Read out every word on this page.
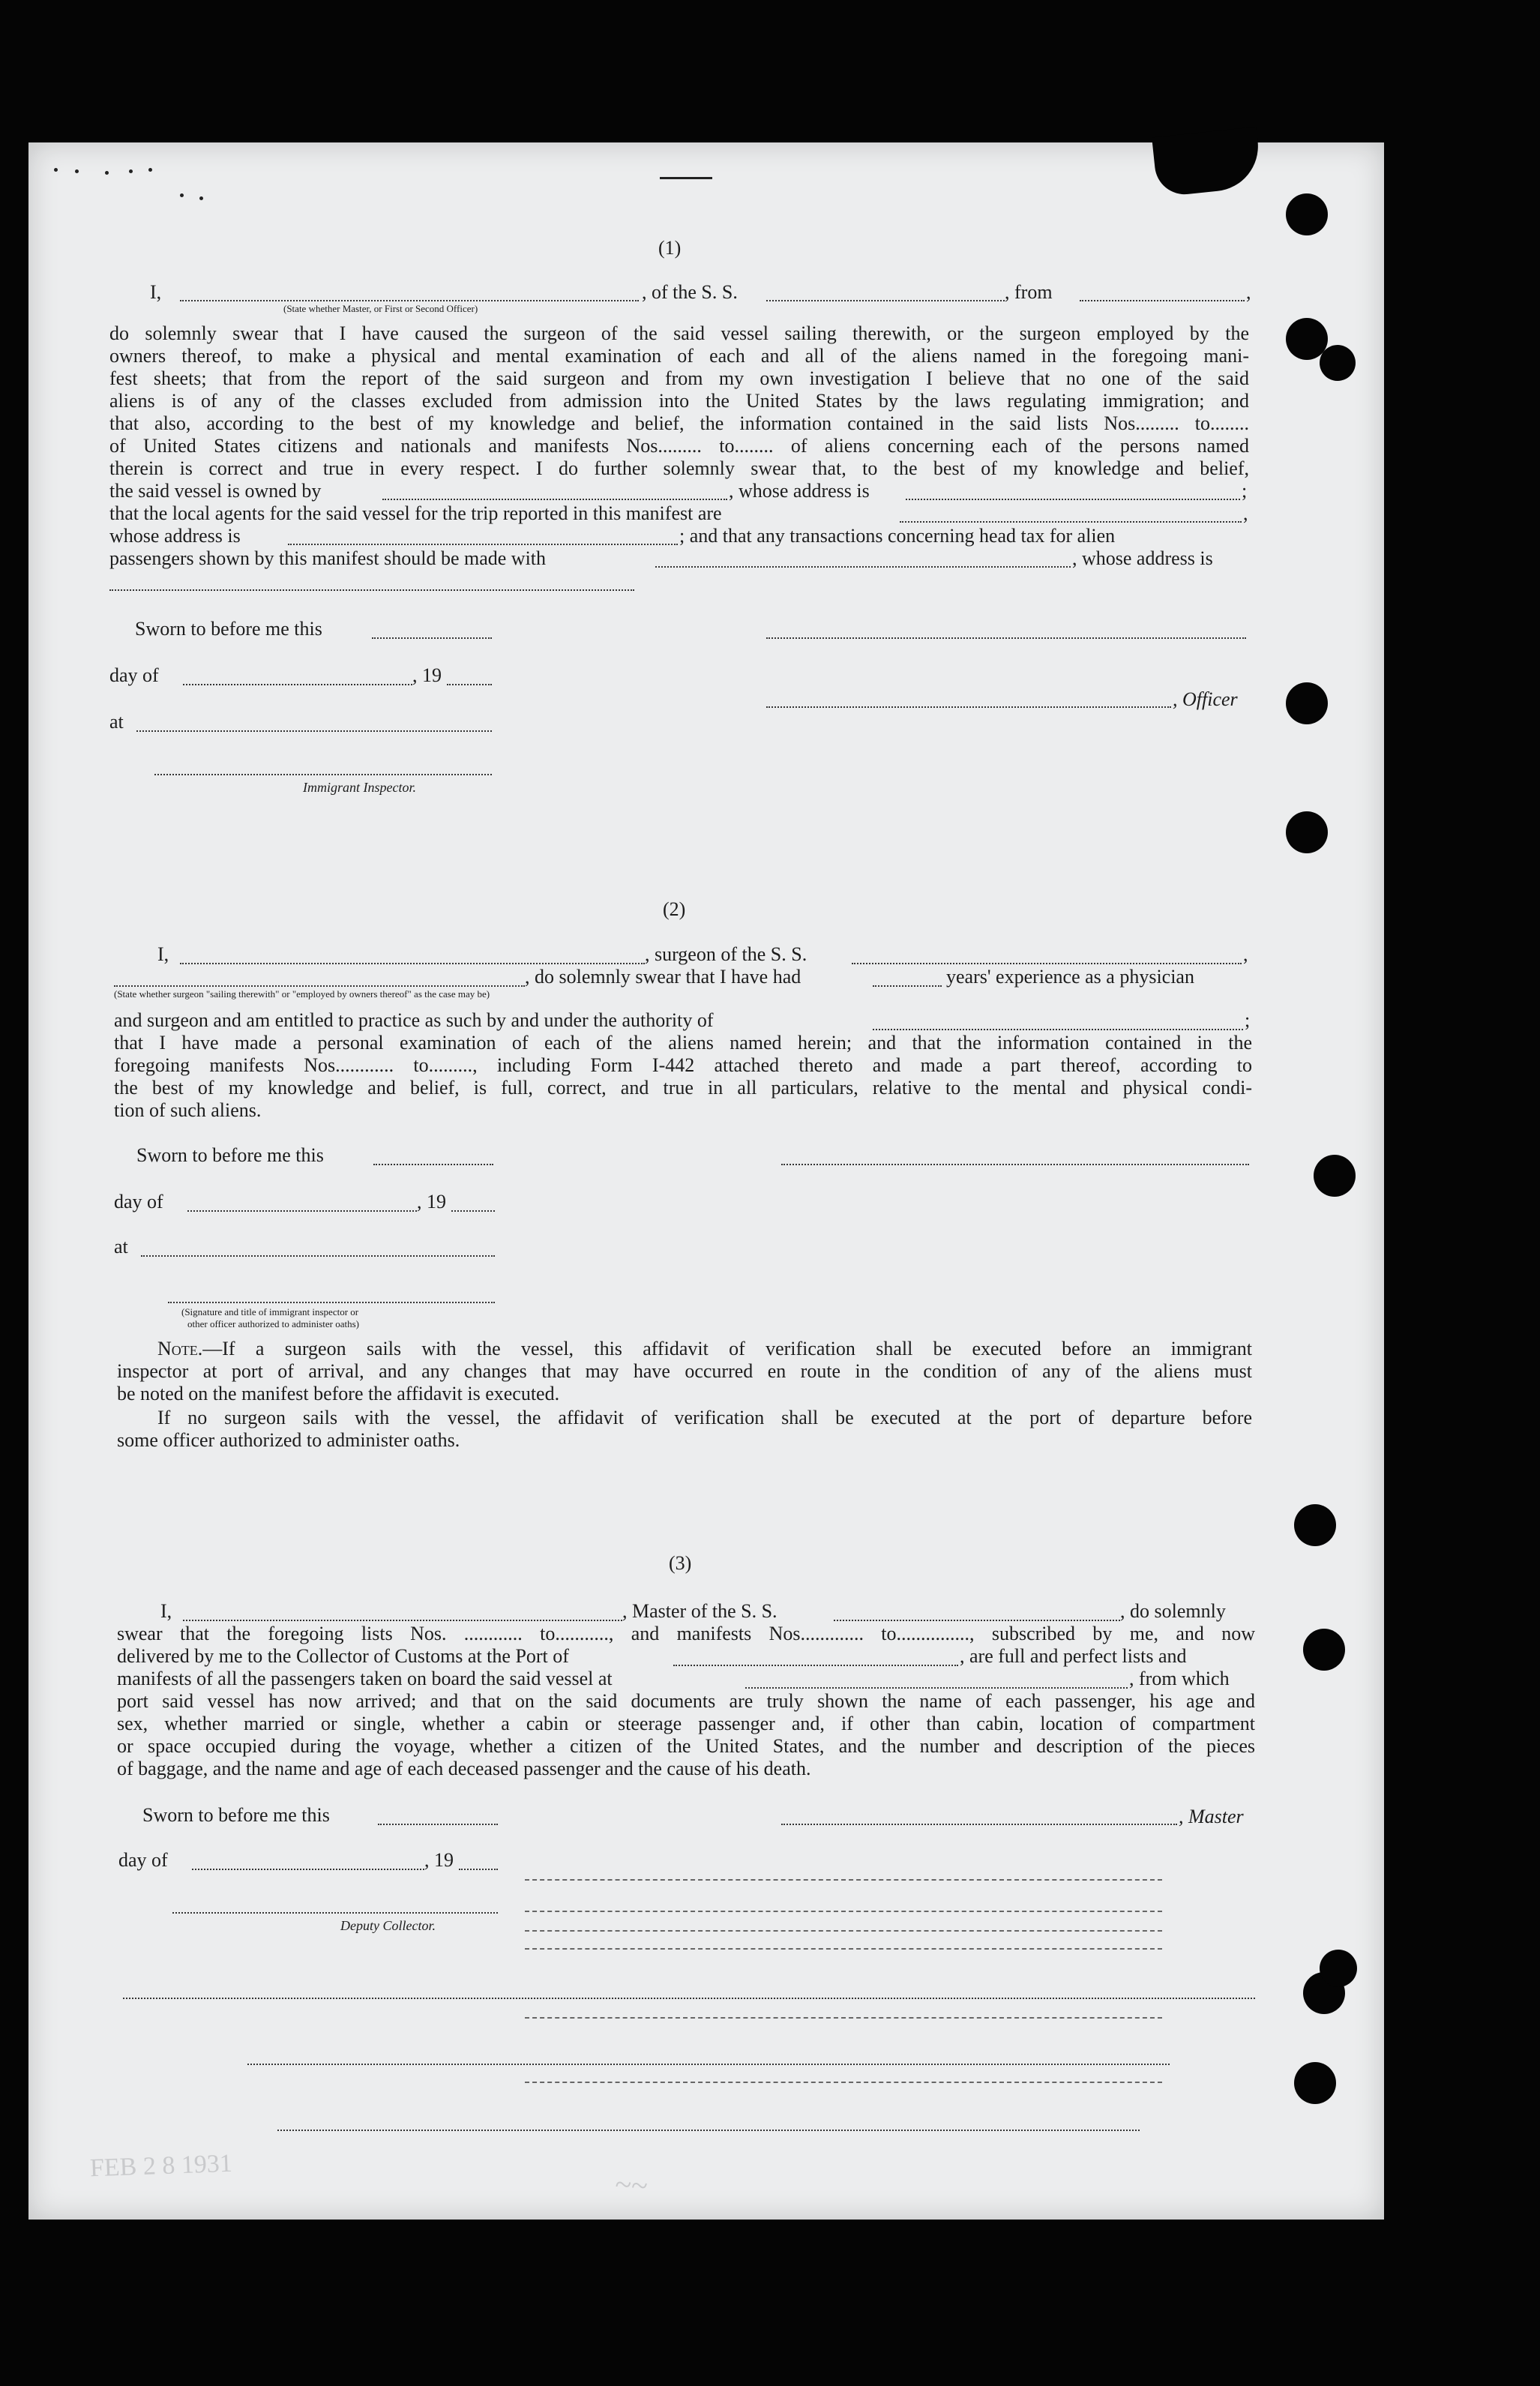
(1)
I,	, of the S. S.	, from	,
(State whether Master, or First or Second Officer)
do solemnly swear that I have caused the surgeon of the said vessel sailing therewith, or the surgeon employed by the
owners thereof, to make a physical and mental examination of each and all of the aliens named in the foregoing mani-
fest sheets; that from the report of the said surgeon and from my own investigation I believe that no one of the said
aliens is of any of the classes excluded from admission into the United States by the laws regulating immigration; and
that also, according to the best of my knowledge and belief, the information contained in the said lists Nos......... to........
of United States citizens and nationals and manifests Nos......... to........ of aliens concerning each of the persons named
therein is correct and true in every respect. I do further solemnly swear that, to the best of my knowledge and belief,
the said vessel is owned by	, whose address is	;
that the local agents for the said vessel for the trip reported in this manifest are	,
whose address is	; and that any transactions concerning head tax for alien
passengers shown by this manifest should be made with	, whose address is
Sworn to before me this
day of	, 19
, Officer
at
Immigrant Inspector.
(2)
I,	, surgeon of the S. S.	,
, do solemnly swear that I have had	years' experience as a physician
(State whether surgeon "sailing therewith" or "employed by owners thereof" as the case may be)
and surgeon and am entitled to practice as such by and under the authority of	;
that I have made a personal examination of each of the aliens named herein; and that the information contained in the
foregoing manifests Nos............ to........., including Form I-442 attached thereto and made a part thereof, according to
the best of my knowledge and belief, is full, correct, and true in all particulars, relative to the mental and physical condi-
tion of such aliens.
Sworn to before me this
day of	, 19
at
(Signature and title of immigrant inspector or
other officer authorized to administer oaths)
Note.—If a surgeon sails with the vessel, this affidavit of verification shall be executed before an immigrant
inspector at port of arrival, and any changes that may have occurred en route in the condition of any of the aliens must
be noted on the manifest before the affidavit is executed.
If no surgeon sails with the vessel, the affidavit of verification shall be executed at the port of departure before
some officer authorized to administer oaths.
(3)
I,	, Master of the S. S.	, do solemnly
swear that the foregoing lists Nos. ............ to..........., and manifests Nos............. to..............., subscribed by me, and now
delivered by me to the Collector of Customs at the Port of	, are full and perfect lists and
manifests of all the passengers taken on board the said vessel at	, from which
port said vessel has now arrived; and that on the said documents are truly shown the name of each passenger, his age and
sex, whether married or single, whether a cabin or steerage passenger and, if other than cabin, location of compartment
or space occupied during the voyage, whether a citizen of the United States, and the number and description of the pieces
of baggage, and the name and age of each deceased passenger and the cause of his death.
Sworn to before me this	, Master
day of	, 19
Deputy Collector.
FEB 2 8 1931
~~
